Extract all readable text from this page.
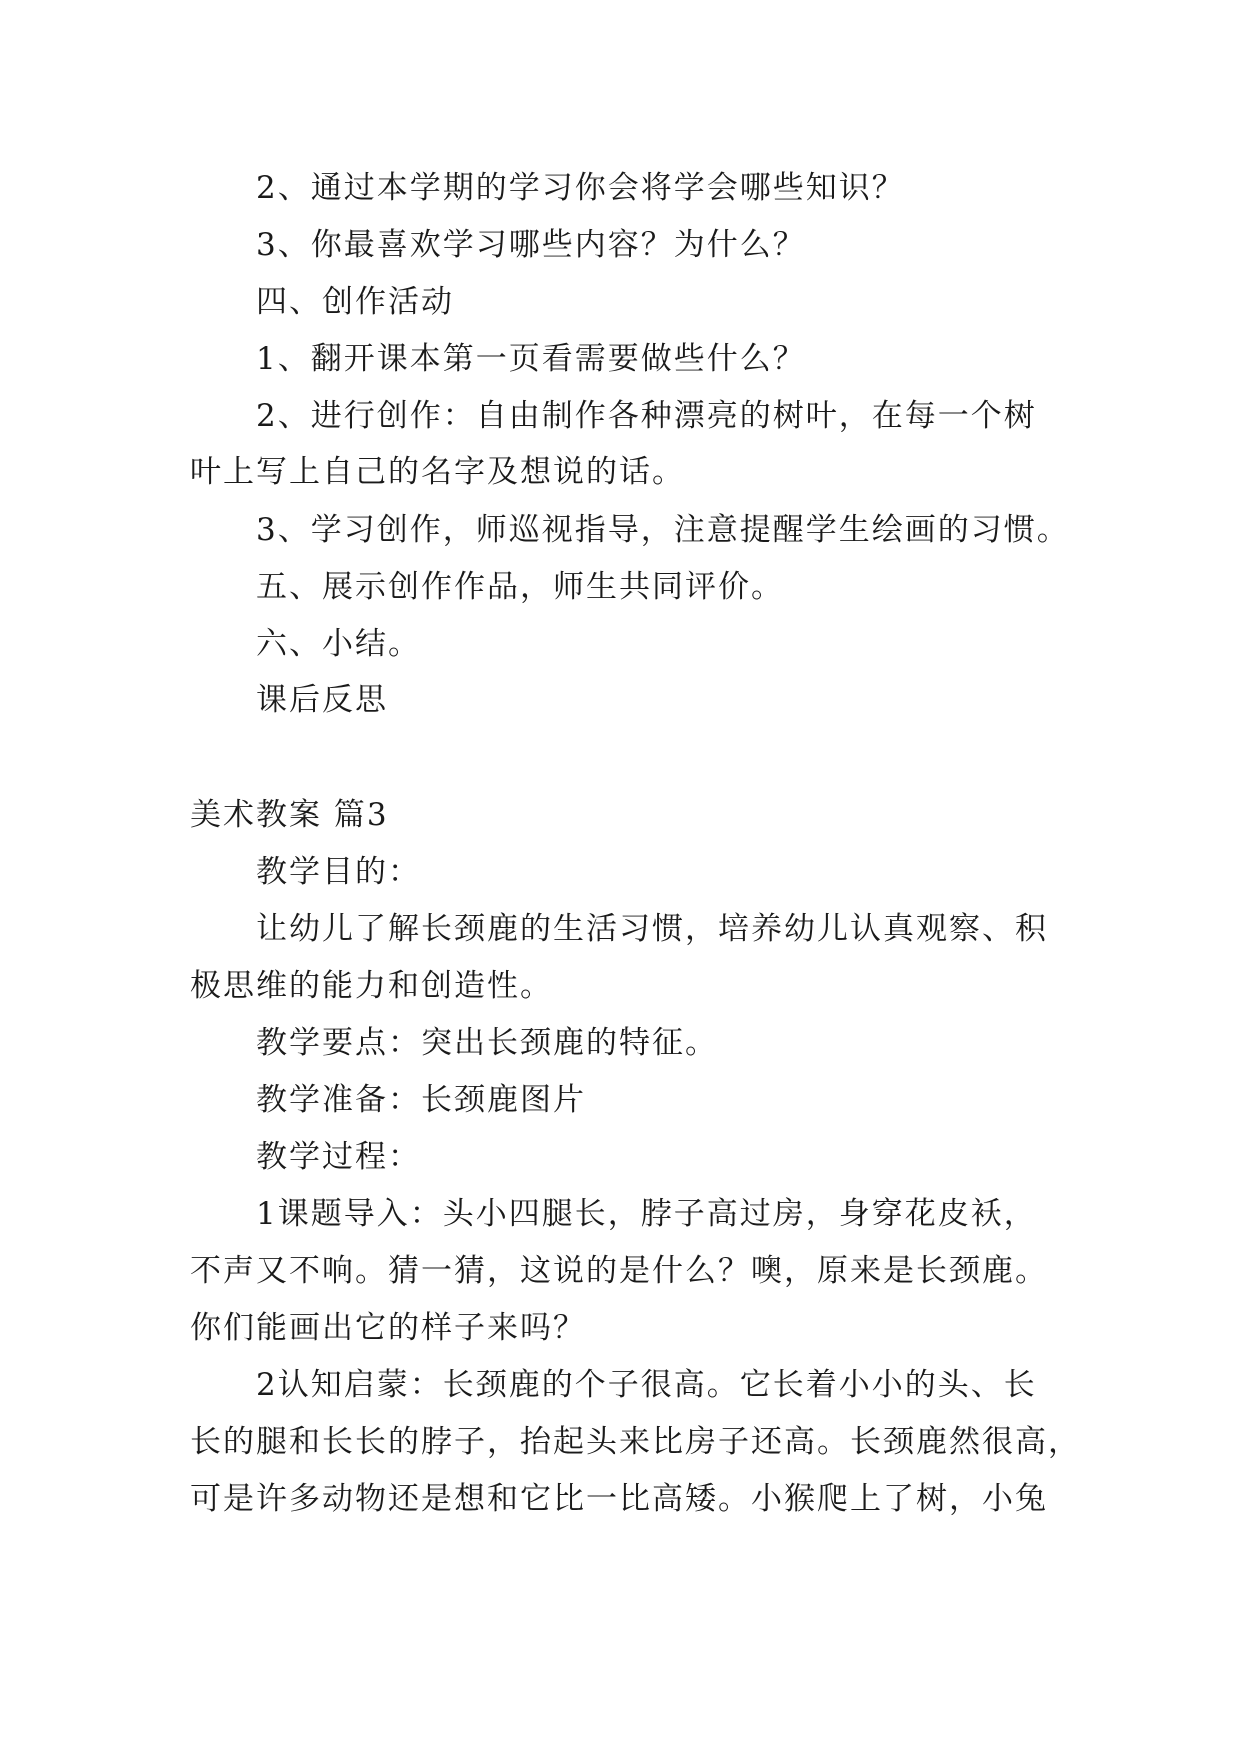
2、通过本学期的学习你会将学会哪些知识？
3、你最喜欢学习哪些内容？为什么？
四、创作活动
1、翻开课本第一页看需要做些什么？
2、进行创作：自由制作各种漂亮的树叶，在每一个树
叶上写上自己的名字及想说的话。
3、学习创作，师巡视指导，注意提醒学生绘画的习惯。
五、展示创作作品，师生共同评价。
六、小结。
课后反思
美术教案 篇3
教学目的：
让幼儿了解长颈鹿的生活习惯，培养幼儿认真观察、积
极思维的能力和创造性。
教学要点：突出长颈鹿的特征。
教学准备：长颈鹿图片
教学过程：
1课题导入：头小四腿长，脖子高过房，身穿花皮袄，
不声又不响。猜一猜，这说的是什么？噢，原来是长颈鹿。
你们能画出它的样子来吗？
2认知启蒙：长颈鹿的个子很高。它长着小小的头、长
长的腿和长长的脖子，抬起头来比房子还高。长颈鹿然很高，
可是许多动物还是想和它比一比高矮。小猴爬上了树，小兔
